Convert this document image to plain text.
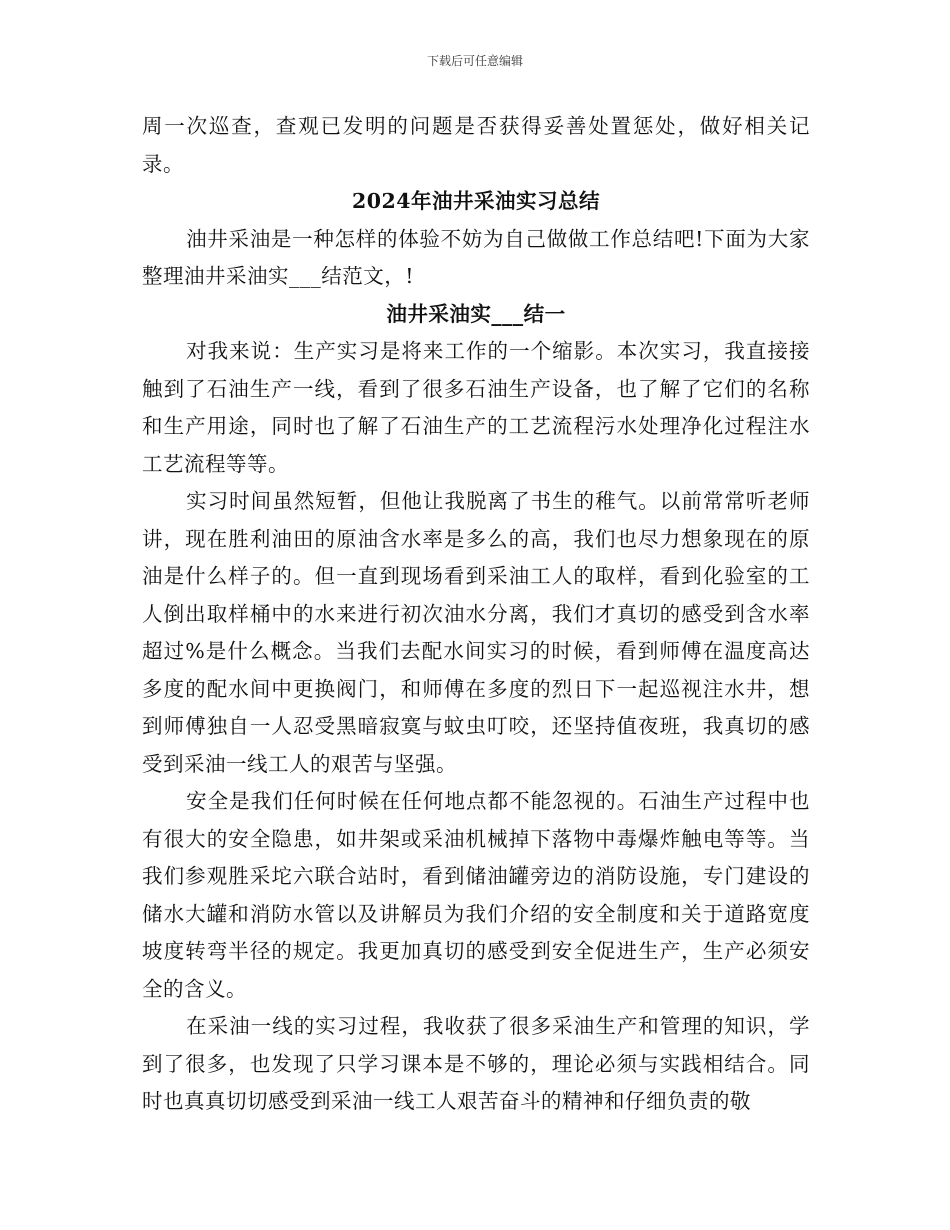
下载后可任意编辑

周一次巡查，查观已发明的问题是否获得妥善处置惩处，做好相关记录。

2024年油井采油实习总结

油井采油是一种怎样的体验不妨为自己做做工作总结吧!下面为大家整理油井采油实___结范文，!

油井采油实___结一

对我来说：生产实习是将来工作的一个缩影。本次实习，我直接接触到了石油生产一线，看到了很多石油生产设备，也了解了它们的名称和生产用途，同时也了解了石油生产的工艺流程污水处理净化过程注水工艺流程等等。

实习时间虽然短暂，但他让我脱离了书生的稚气。以前常常听老师讲，现在胜利油田的原油含水率是多么的高，我们也尽力想象现在的原油是什么样子的。但一直到现场看到采油工人的取样，看到化验室的工人倒出取样桶中的水来进行初次油水分离，我们才真切的感受到含水率超过%是什么概念。当我们去配水间实习的时候，看到师傅在温度高达多度的配水间中更换阀门，和师傅在多度的烈日下一起巡视注水井，想到师傅独自一人忍受黑暗寂寞与蚊虫叮咬，还坚持值夜班，我真切的感受到采油一线工人的艰苦与坚强。

安全是我们任何时候在任何地点都不能忽视的。石油生产过程中也有很大的安全隐患，如井架或采油机械掉下落物中毒爆炸触电等等。当我们参观胜采坨六联合站时，看到储油罐旁边的消防设施，专门建设的储水大罐和消防水管以及讲解员为我们介绍的安全制度和关于道路宽度坡度转弯半径的规定。我更加真切的感受到安全促进生产，生产必须安全的含义。

在采油一线的实习过程，我收获了很多采油生产和管理的知识，学到了很多，也发现了只学习课本是不够的，理论必须与实践相结合。同时也真真切切感受到采油一线工人艰苦奋斗的精神和仔细负责的敬
